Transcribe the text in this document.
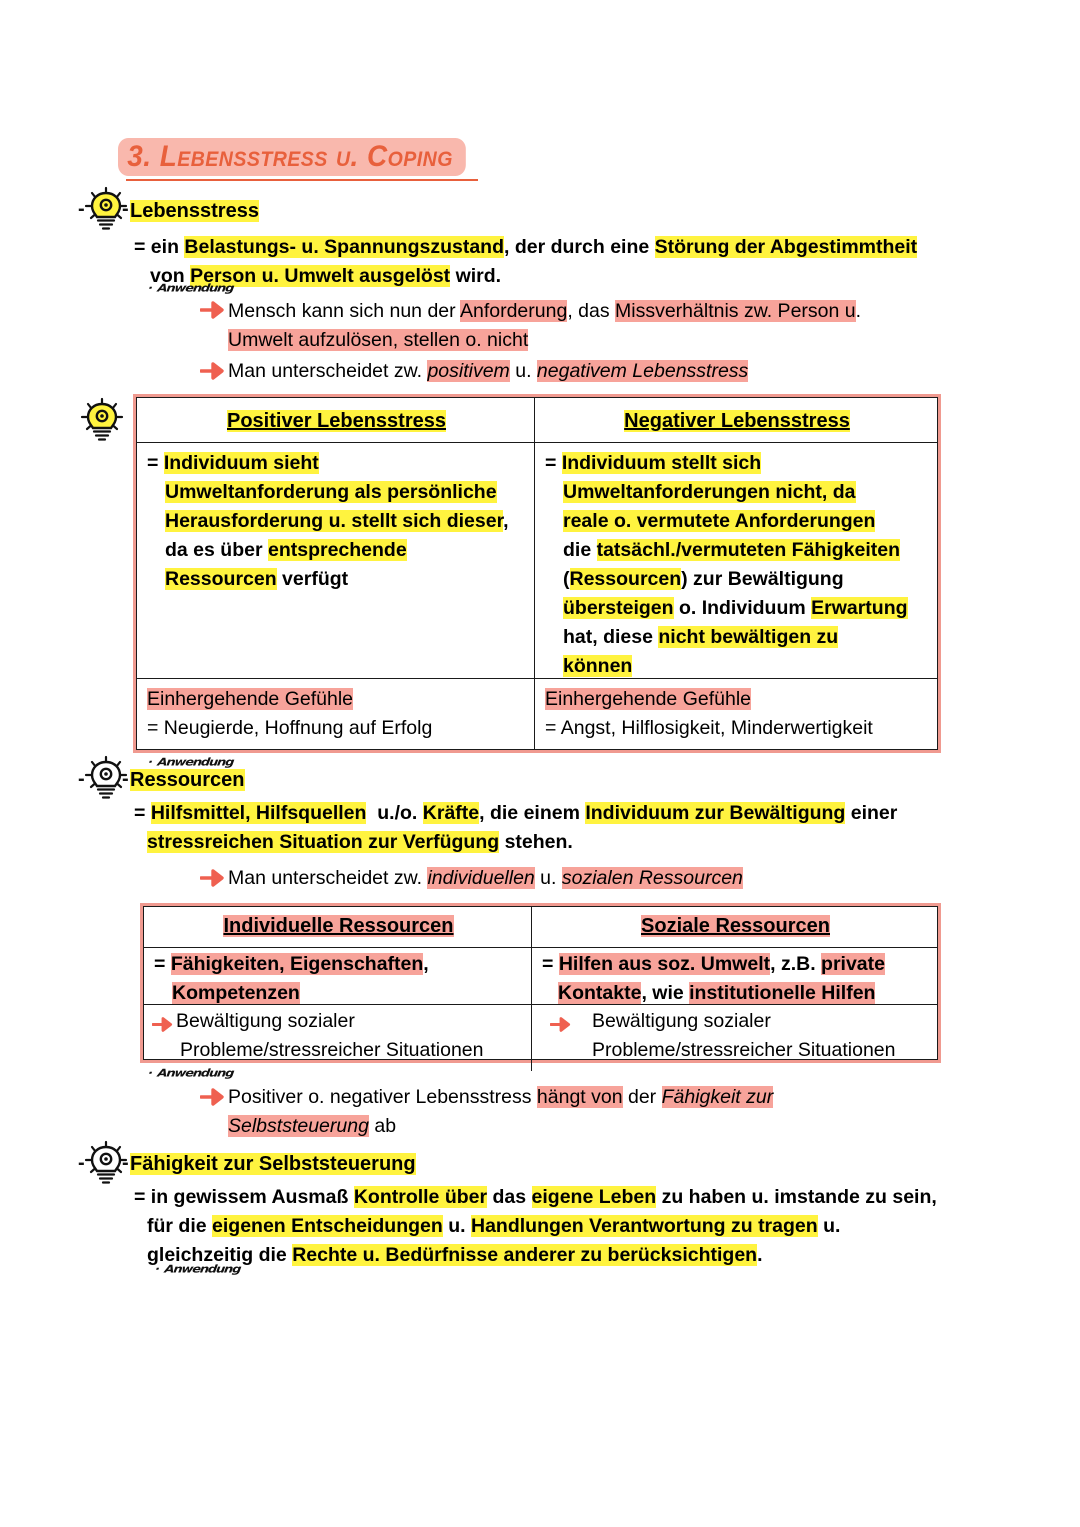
3. Lebensstress u. Coping
- - Lebensstress
= ein Belastungs- u. Spannungszustand, der durch eine Störung der Abgestimmtheit
von Person u. Umwelt ausgelöst wird.
· Anwendung
Mensch kann sich nun der Anforderung, das Missverhältnis zw. Person u.
Umwelt aufzulösen, stellen o. nicht
Man unterscheidet zw. positivem u. negativem Lebensstress
Positiver Lebensstress	Negativer Lebensstress
= Individuum sieht

Umweltanforderung als persönliche
Herausforderung u. stellt sich dieser,
da es über entsprechende
Ressourcen verfügt
= Individuum stellt sich

Umweltanforderungen nicht, da
reale o. vermutete Anforderungen
die tatsächl./vermuteten Fähigkeiten
(Ressourcen) zur Bewältigung
übersteigen o. Individuum Erwartung
hat, diese nicht bewältigen zu
können
Einhergehende Gefühle
= Neugierde, Hoffnung auf Erfolg
Einhergehende Gefühle
= Angst, Hilflosigkeit, Minderwertigkeit
· Anwendung
- - Ressourcen
= Hilfsmittel, Hilfsquellen  u./o. Kräfte, die einem Individuum zur Bewältigung einer
stressreichen Situation zur Verfügung stehen.
Man unterscheidet zw. individuellen u. sozialen Ressourcen
Individuelle Ressourcen	Soziale Ressourcen
= Fähigkeiten, Eigenschaften,
Kompetenzen
= Hilfen aus soz. Umwelt, z.B. private
Kontakte, wie institutionelle Hilfen
Bewältigung sozialer
Probleme/stressreicher Situationen
Bewältigung sozialer
Probleme/stressreicher Situationen
· Anwendung
Positiver o. negativer Lebensstress hängt von der Fähigkeit zur
Selbststeuerung ab
- - Fähigkeit zur Selbststeuerung
= in gewissem Ausmaß Kontrolle über das eigene Leben zu haben u. imstande zu sein,
für die eigenen Entscheidungen u. Handlungen Verantwortung zu tragen u.
gleichzeitig die Rechte u. Bedürfnisse anderer zu berücksichtigen.
· Anwendung
